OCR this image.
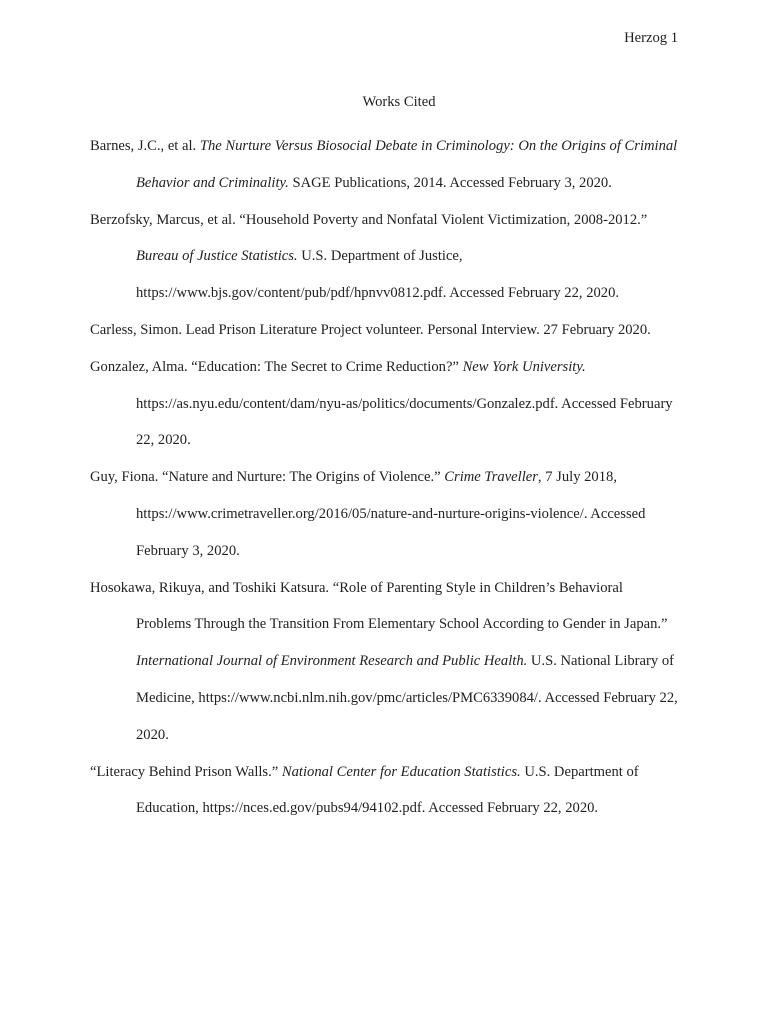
Herzog 1
Works Cited
Barnes, J.C., et al. The Nurture Versus Biosocial Debate in Criminology: On the Origins of Criminal Behavior and Criminality. SAGE Publications, 2014. Accessed February 3, 2020.
Berzofsky, Marcus, et al. “Household Poverty and Nonfatal Violent Victimization, 2008-2012.” Bureau of Justice Statistics. U.S. Department of Justice, https://www.bjs.gov/content/pub/pdf/hpnvv0812.pdf. Accessed February 22, 2020.
Carless, Simon. Lead Prison Literature Project volunteer. Personal Interview. 27 February 2020.
Gonzalez, Alma. “Education: The Secret to Crime Reduction?” New York University. https://as.nyu.edu/content/dam/nyu-as/politics/documents/Gonzalez.pdf. Accessed February 22, 2020.
Guy, Fiona. “Nature and Nurture: The Origins of Violence.” Crime Traveller, 7 July 2018, https://www.crimetraveller.org/2016/05/nature-and-nurture-origins-violence/. Accessed February 3, 2020.
Hosokawa, Rikuya, and Toshiki Katsura. “Role of Parenting Style in Children’s Behavioral Problems Through the Transition From Elementary School According to Gender in Japan.” International Journal of Environment Research and Public Health. U.S. National Library of Medicine, https://www.ncbi.nlm.nih.gov/pmc/articles/PMC6339084/. Accessed February 22, 2020.
“Literacy Behind Prison Walls.” National Center for Education Statistics. U.S. Department of Education, https://nces.ed.gov/pubs94/94102.pdf. Accessed February 22, 2020.
